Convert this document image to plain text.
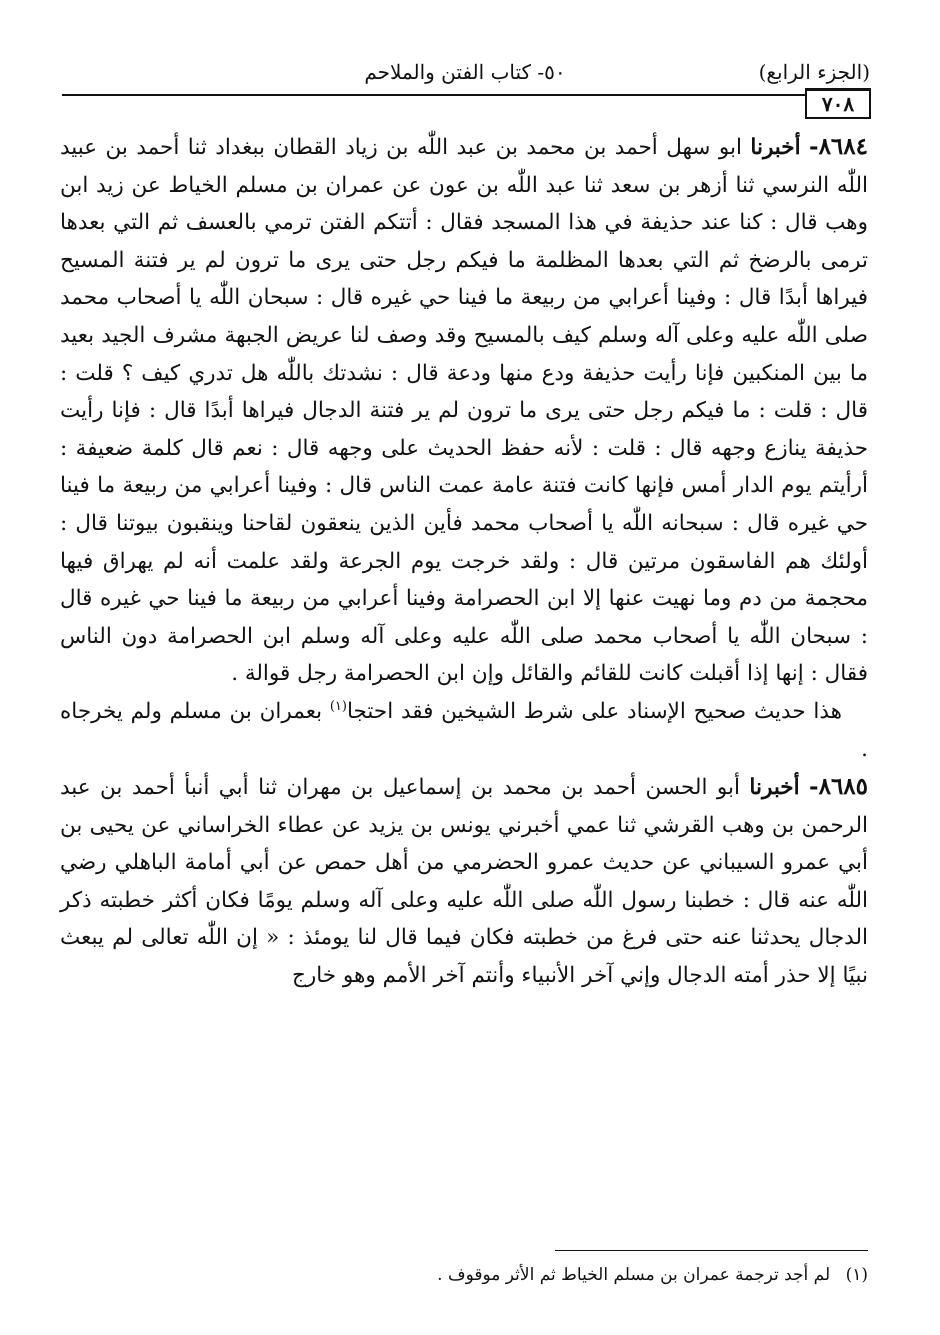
(الجزء الرابع)
٥٠- كتاب الفتن والملاحم
٧٠٨

٨٦٨٤- أخبرنا ابو سهل أحمد بن محمد بن عبد اللّٰه بن زياد القطان ببغداد ثنا أحمد بن عبيد اللّٰه النرسي ثنا أزهر بن سعد ثنا عبد اللّٰه بن عون عن عمران بن مسلم الخياط عن زيد ابن وهب قال : كنا عند حذيفة في هذا المسجد فقال : أتتكم الفتن ترمي بالعسف ثم التي بعدها ترمى بالرضخ ثم التي بعدها المظلمة ما فيكم رجل حتى يرى ما ترون لم ير فتنة المسيح فيراها أبدًا قال : وفينا أعرابي من ربيعة ما فينا حي غيره قال : سبحان اللّٰه يا أصحاب محمد صلى اللّٰه عليه وعلى آله وسلم كيف بالمسيح وقد وصف لنا عريض الجبهة مشرف الجيد بعيد ما بين المنكبين فإنا رأيت حذيفة ودع منها ودعة قال : نشدتك باللّٰه هل تدري كيف ؟ قلت : قال : قلت : ما فيكم رجل حتى يرى ما ترون لم ير فتنة الدجال فيراها أبدًا قال : فإنا رأيت حذيفة ينازع وجهه قال : قلت : لأنه حفظ الحديث على وجهه قال : نعم قال كلمة ضعيفة : أرأيتم يوم الدار أمس فإنها كانت فتنة عامة عمت الناس قال : وفينا أعرابي من ربيعة ما فينا حي غيره قال : سبحانه اللّٰه يا أصحاب محمد فأين الذين ينعقون لقاحنا وينقبون بيوتنا قال : أولئك هم الفاسقون مرتين قال : ولقد خرجت يوم الجرعة ولقد علمت أنه لم يهراق فيها محجمة من دم وما نهيت عنها إلا ابن الحصرامة وفينا أعرابي من ربيعة ما فينا حي غيره قال : سبحان اللّٰه يا أصحاب محمد صلى اللّٰه عليه وعلى آله وسلم ابن الحصرامة دون الناس فقال : إنها إذا أقبلت كانت للقائم والقائل وإن ابن الحصرامة رجل قوالة .

هذا حديث صحيح الإسناد على شرط الشيخين فقد احتجا$^{(١)}$ بعمران بن مسلم ولم يخرجاه .

٨٦٨٥- أخبرنا أبو الحسن أحمد بن محمد بن إسماعيل بن مهران ثنا أبي أنبأ أحمد بن عبد الرحمن بن وهب القرشي ثنا عمي أخبرني يونس بن يزيد عن عطاء الخراساني عن يحيى بن أبي عمرو السيباني عن حديث عمرو الحضرمي من أهل حمص عن أبي أمامة الباهلي رضي اللّٰه عنه قال : خطبنا رسول اللّٰه صلى اللّٰه عليه وعلى آله وسلم يومًا فكان أكثر خطبته ذكر الدجال يحدثنا عنه حتى فرغ من خطبته فكان فيما قال لنا يومئذ : « إن اللّٰه تعالى لم يبعث نبيًا إلا حذر أمته الدجال وإني آخر الأنبياء وأنتم آخر الأمم وهو خارج

(١) لم أجد ترجمة عمران بن مسلم الخياط ثم الأثر موقوف .
